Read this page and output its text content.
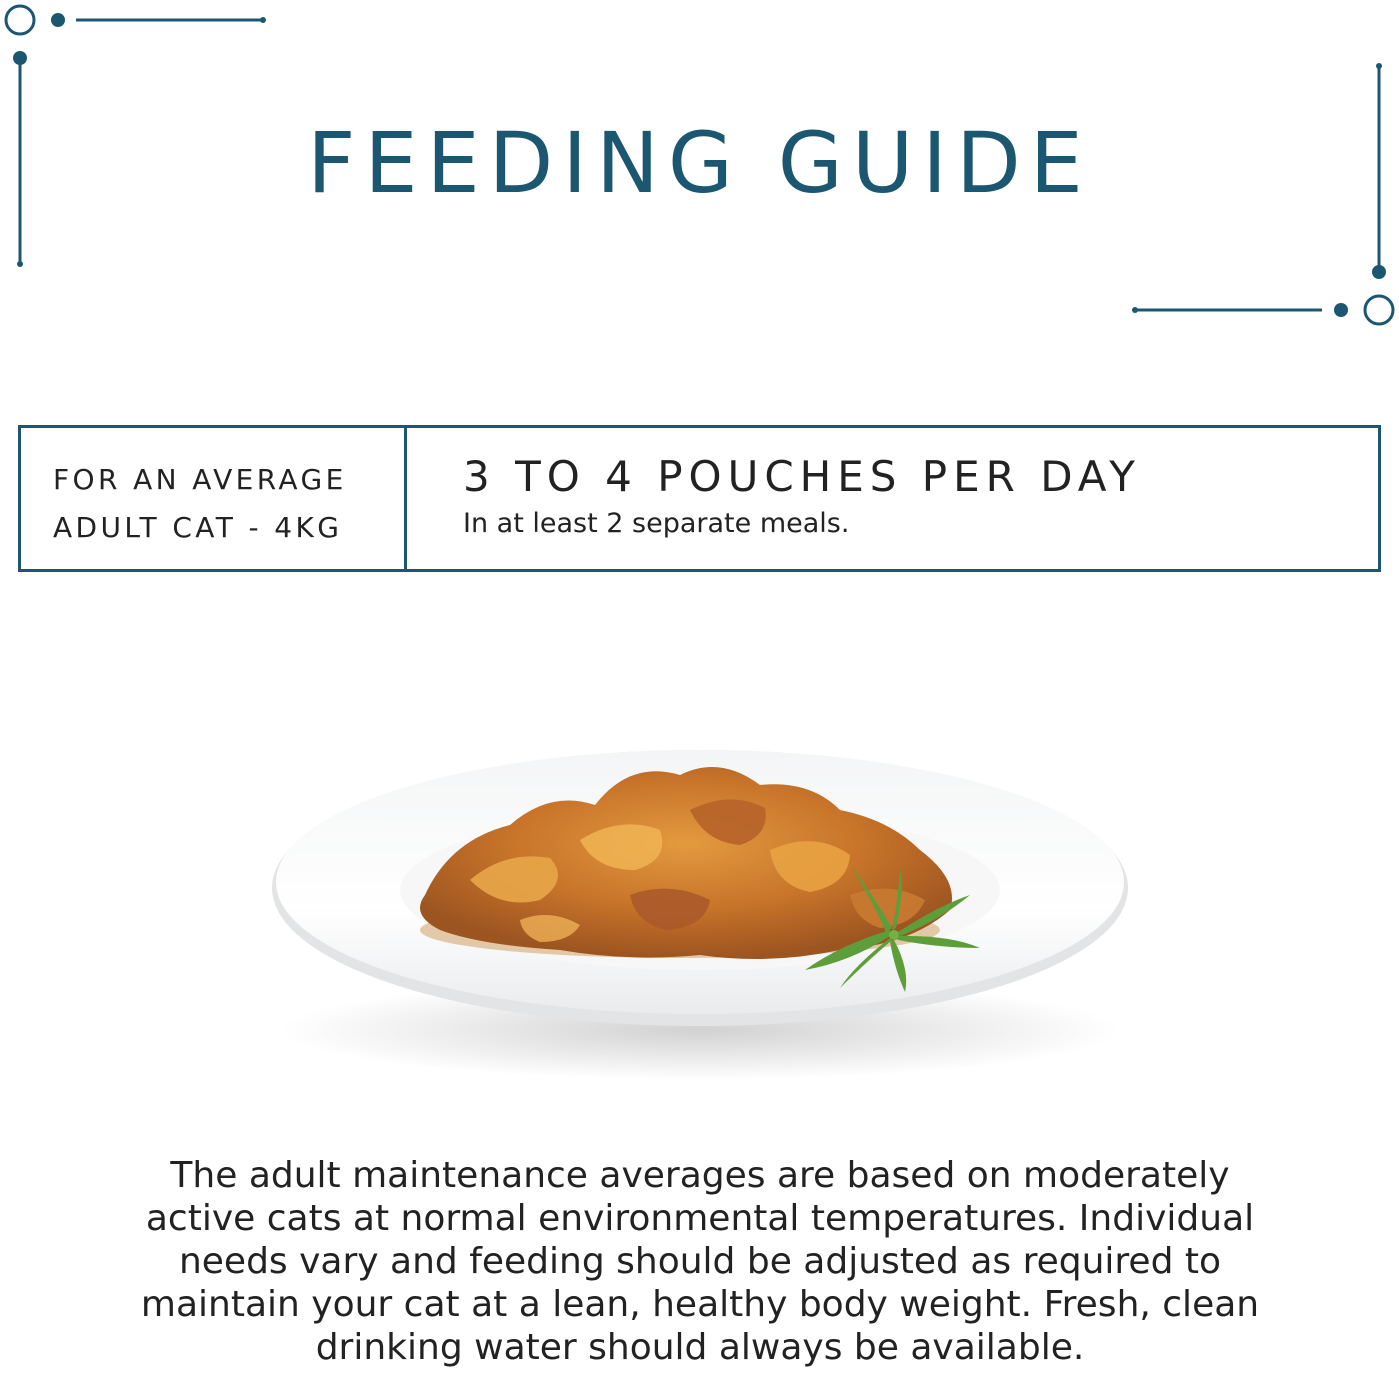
FEEDING GUIDE
FOR AN AVERAGE
ADULT CAT - 4KG
3 TO 4 POUCHES PER DAY
In at least 2 separate meals.

The adult maintenance averages are based on moderately active cats at normal environmental temperatures. Individual needs vary and feeding should be adjusted as required to maintain your cat at a lean, healthy body weight. Fresh, clean drinking water should always be available.
